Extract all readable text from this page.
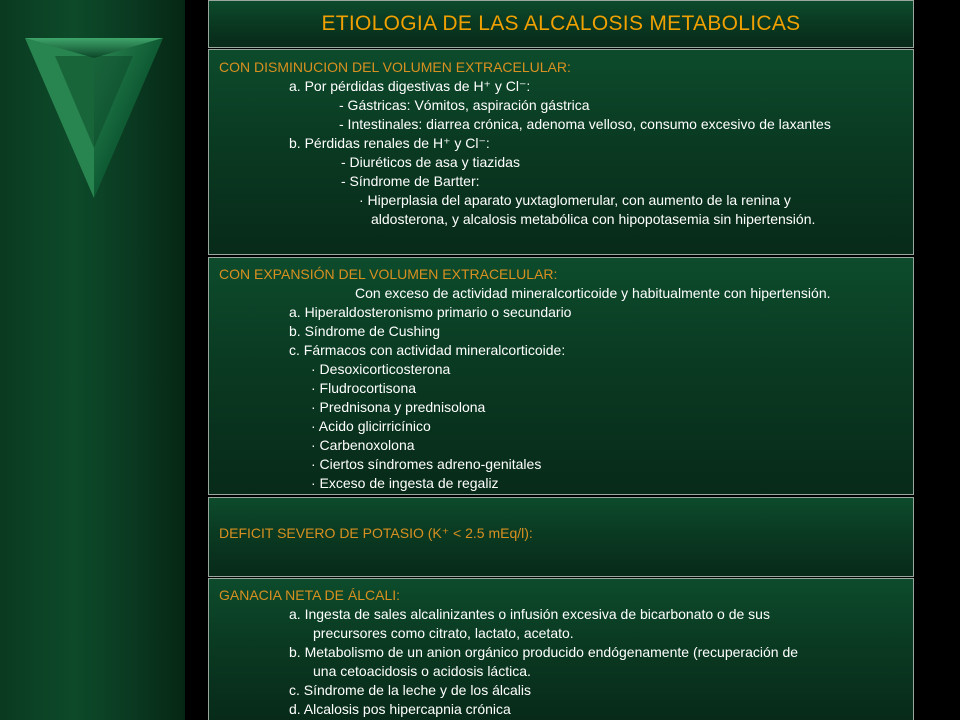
ETIOLOGIA DE LAS ALCALOSIS METABOLICAS
CON DISMINUCION DEL VOLUMEN EXTRACELULAR:
a. Por pérdidas digestivas de H⁺ y Cl⁻:
- Gástricas: Vómitos, aspiración gástrica
- Intestinales: diarrea crónica, adenoma velloso, consumo excesivo de laxantes
b. Pérdidas renales de H⁺ y Cl⁻:
- Diuréticos de asa y tiazidas
- Síndrome de Bartter:
· Hiperplasia del aparato yuxtaglomerular, con aumento de la renina y
aldosterona, y alcalosis metabólica con hipopotasemia sin hipertensión.
CON EXPANSIÓN DEL VOLUMEN EXTRACELULAR:
Con exceso de actividad mineralcorticoide y habitualmente con hipertensión.
a. Hiperaldosteronismo primario o secundario
b. Síndrome de Cushing
c. Fármacos con actividad mineralcorticoide:
· Desoxicorticosterona
· Fludrocortisona
· Prednisona y prednisolona
· Acido glicirricínico
· Carbenoxolona
· Ciertos síndromes adreno-genitales
· Exceso de ingesta de regaliz
DEFICIT SEVERO DE POTASIO (K⁺ < 2.5 mEq/l):
GANACIA NETA DE ÁLCALI:
a. Ingesta de sales alcalinizantes o infusión excesiva de bicarbonato o de sus
precursores como citrato, lactato, acetato.
b. Metabolismo de un anion orgánico producido endógenamente (recuperación de
una cetoacidosis o acidosis láctica.
c. Síndrome de la leche y de los álcalis
d. Alcalosis pos hipercapnia crónica
